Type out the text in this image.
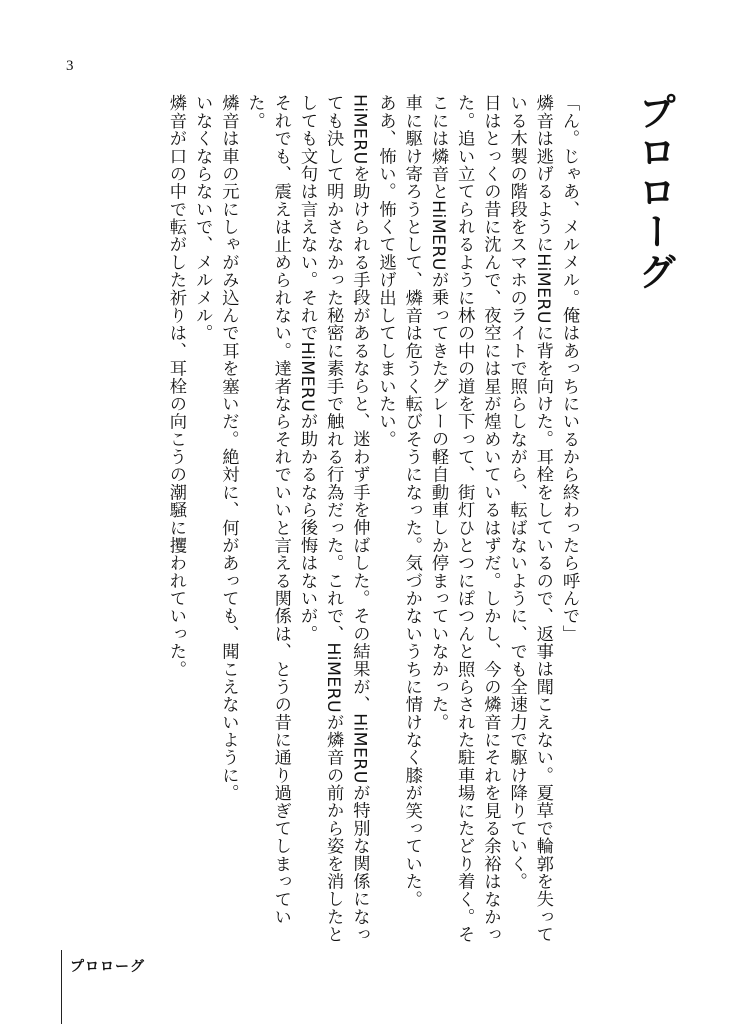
3
プロローグ

「ん。じゃあ、メルメル。俺はあっちにいるから終わったら呼んで」

燐音は逃げるようにHiMERUに背を向けた。耳栓をしているので、返事は聞こえない。夏草で輪郭を失っている木製の階段をスマホのライトで照らしながら、転ばないように、でも全速力で駆け降りていく。

日はとっくの昔に沈んで、夜空には星が煌めいているはずだ。しかし、今の燐音にそれを見る余裕はなかった。追い立てられるように林の中の道を下って、街灯ひとつにぽつんと照らされた駐車場にたどり着く。そこには燐音とHiMERUが乗ってきたグレーの軽自動車しか停まっていなかった。

車に駆け寄ろうとして、燐音は危うく転びそうになった。気づかないうちに情けなく膝が笑っていた。

ああ、怖い。怖くて逃げ出してしまいたい。

HiMERUを助けられる手段があるならと、迷わず手を伸ばした。その結果が、HiMERUが特別な関係になっても決して明かさなかった秘密に素手で触れる行為だった。これで、HiMERUが燐音の前から姿を消したとしても文句は言えない。それでHiMERUが助かるなら後悔はないが。

それでも、震えは止められない。達者ならそれでいいと言える関係は、とうの昔に通り過ぎてしまっていた。

燐音は車の元にしゃがみ込んで耳を塞いだ。絶対に、何があっても、聞こえないように。

いなくならないで、メルメル。

燐音が口の中で転がした祈りは、耳栓の向こうの潮騒に攫われていった。

プロローグ
